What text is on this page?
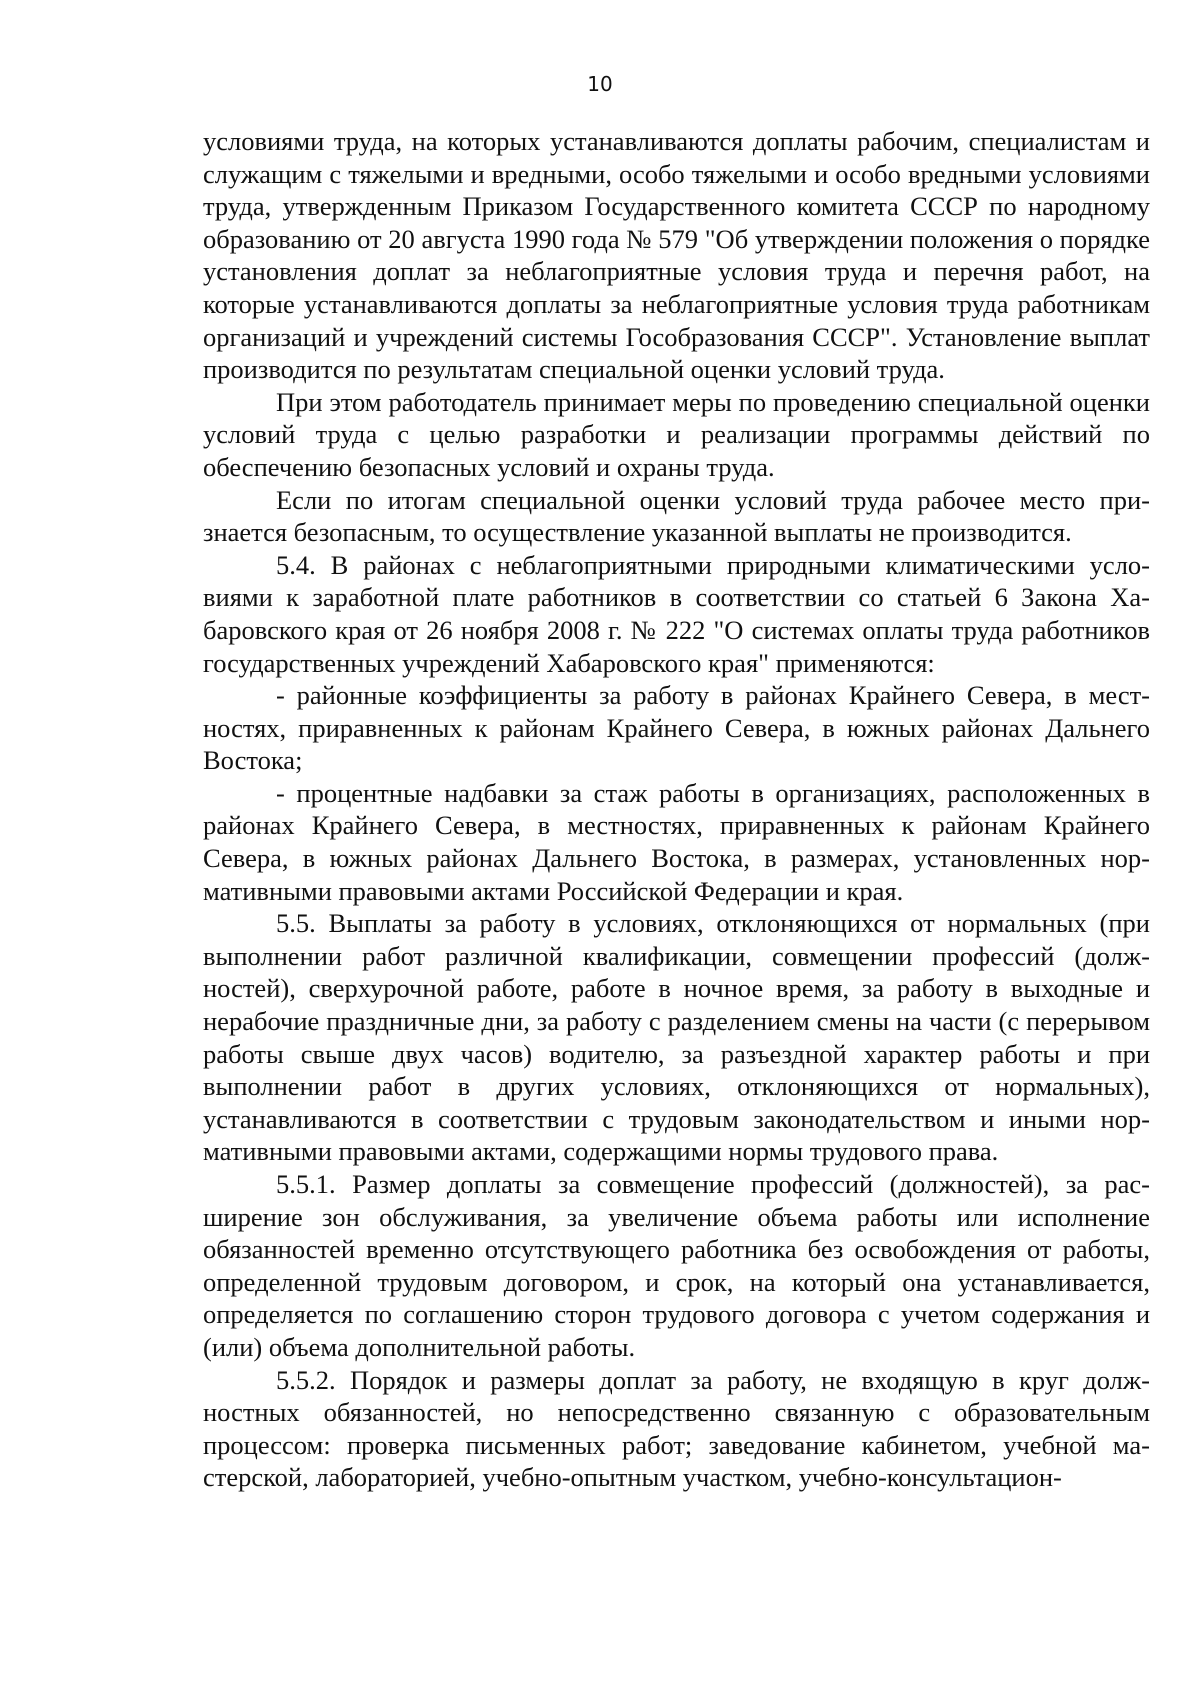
10

условиями труда, на которых устанавливаются доплаты рабочим, специалистам и служащим с тяжелыми и вредными, особо тяжелыми и особо вредными условиями труда, утвержденным Приказом Государственного комитета СССР по народному образованию от 20 августа 1990 года № 579 "Об утверждении положения о порядке установления доплат за неблагоприятные условия труда и перечня работ, на которые устанавливаются доплаты за неблагоприятные условия труда работникам организаций и учреждений системы Гособразования СССР". Установление выплат производится по результатам специальной оценки условий труда.

При этом работодатель принимает меры по проведению специальной оценки условий труда с целью разработки и реализации программы действий по обеспечению безопасных условий и охраны труда.

Если по итогам специальной оценки условий труда рабочее место признается безопасным, то осуществление указанной выплаты не производится.

5.4. В районах с неблагоприятными природными климатическими условиями к заработной плате работников в соответствии со статьей 6 Закона Хабаровского края от 26 ноября 2008 г. № 222 "О системах оплаты труда работников государственных учреждений Хабаровского края" применяются:

- районные коэффициенты за работу в районах Крайнего Севера, в местностях, приравненных к районам Крайнего Севера, в южных районах Дальнего Востока;

- процентные надбавки за стаж работы в организациях, расположенных в районах Крайнего Севера, в местностях, приравненных к районам Крайнего Севера, в южных районах Дальнего Востока, в размерах, установленных нормативными правовыми актами Российской Федерации и края.

5.5. Выплаты за работу в условиях, отклоняющихся от нормальных (при выполнении работ различной квалификации, совмещении профессий (должностей), сверхурочной работе, работе в ночное время, за работу в выходные и нерабочие праздничные дни, за работу с разделением смены на части (с перерывом работы свыше двух часов) водителю, за разъездной характер работы и при выполнении работ в других условиях, отклоняющихся от нормальных), устанавливаются в соответствии с трудовым законодательством и иными нормативными правовыми актами, содержащими нормы трудового права.

5.5.1. Размер доплаты за совмещение профессий (должностей), за расширение зон обслуживания, за увеличение объема работы или исполнение обязанностей временно отсутствующего работника без освобождения от работы, определенной трудовым договором, и срок, на который она устанавливается, определяется по соглашению сторон трудового договора с учетом содержания и (или) объема дополнительной работы.

5.5.2. Порядок и размеры доплат за работу, не входящую в круг должностных обязанностей, но непосредственно связанную с образовательным процессом: проверка письменных работ; заведование кабинетом, учебной мастерской, лабораторией, учебно-опытным участком, учебно-консультацион-
